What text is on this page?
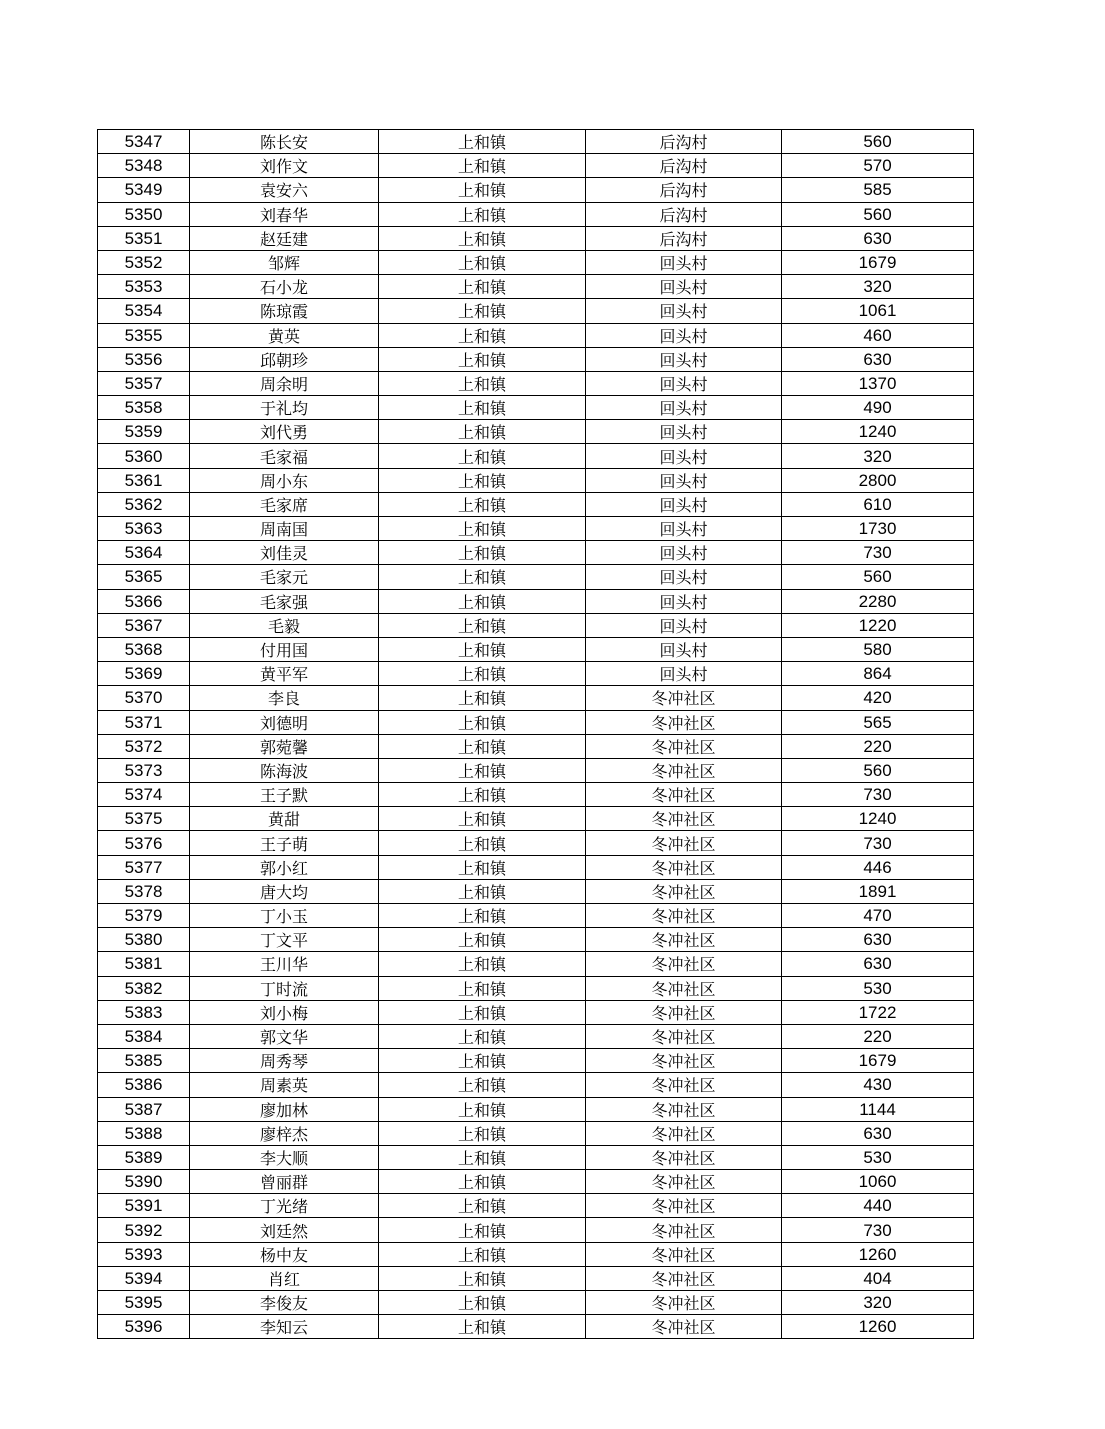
5347	陈长安	上和镇	后沟村	560
5348	刘作文	上和镇	后沟村	570
5349	袁安六	上和镇	后沟村	585
5350	刘春华	上和镇	后沟村	560
5351	赵廷建	上和镇	后沟村	630
5352	邹辉	上和镇	回头村	1679
5353	石小龙	上和镇	回头村	320
5354	陈琼霞	上和镇	回头村	1061
5355	黄英	上和镇	回头村	460
5356	邱朝珍	上和镇	回头村	630
5357	周余明	上和镇	回头村	1370
5358	于礼均	上和镇	回头村	490
5359	刘代勇	上和镇	回头村	1240
5360	毛家福	上和镇	回头村	320
5361	周小东	上和镇	回头村	2800
5362	毛家席	上和镇	回头村	610
5363	周南国	上和镇	回头村	1730
5364	刘佳灵	上和镇	回头村	730
5365	毛家元	上和镇	回头村	560
5366	毛家强	上和镇	回头村	2280
5367	毛毅	上和镇	回头村	1220
5368	付用国	上和镇	回头村	580
5369	黄平军	上和镇	回头村	864
5370	李良	上和镇	冬冲社区	420
5371	刘德明	上和镇	冬冲社区	565
5372	郭菀馨	上和镇	冬冲社区	220
5373	陈海波	上和镇	冬冲社区	560
5374	王子默	上和镇	冬冲社区	730
5375	黄甜	上和镇	冬冲社区	1240
5376	王子萌	上和镇	冬冲社区	730
5377	郭小红	上和镇	冬冲社区	446
5378	唐大均	上和镇	冬冲社区	1891
5379	丁小玉	上和镇	冬冲社区	470
5380	丁文平	上和镇	冬冲社区	630
5381	王川华	上和镇	冬冲社区	630
5382	丁时流	上和镇	冬冲社区	530
5383	刘小梅	上和镇	冬冲社区	1722
5384	郭文华	上和镇	冬冲社区	220
5385	周秀琴	上和镇	冬冲社区	1679
5386	周素英	上和镇	冬冲社区	430
5387	廖加林	上和镇	冬冲社区	1144
5388	廖梓杰	上和镇	冬冲社区	630
5389	李大顺	上和镇	冬冲社区	530
5390	曾丽群	上和镇	冬冲社区	1060
5391	丁光绪	上和镇	冬冲社区	440
5392	刘廷然	上和镇	冬冲社区	730
5393	杨中友	上和镇	冬冲社区	1260
5394	肖红	上和镇	冬冲社区	404
5395	李俊友	上和镇	冬冲社区	320
5396	李知云	上和镇	冬冲社区	1260
